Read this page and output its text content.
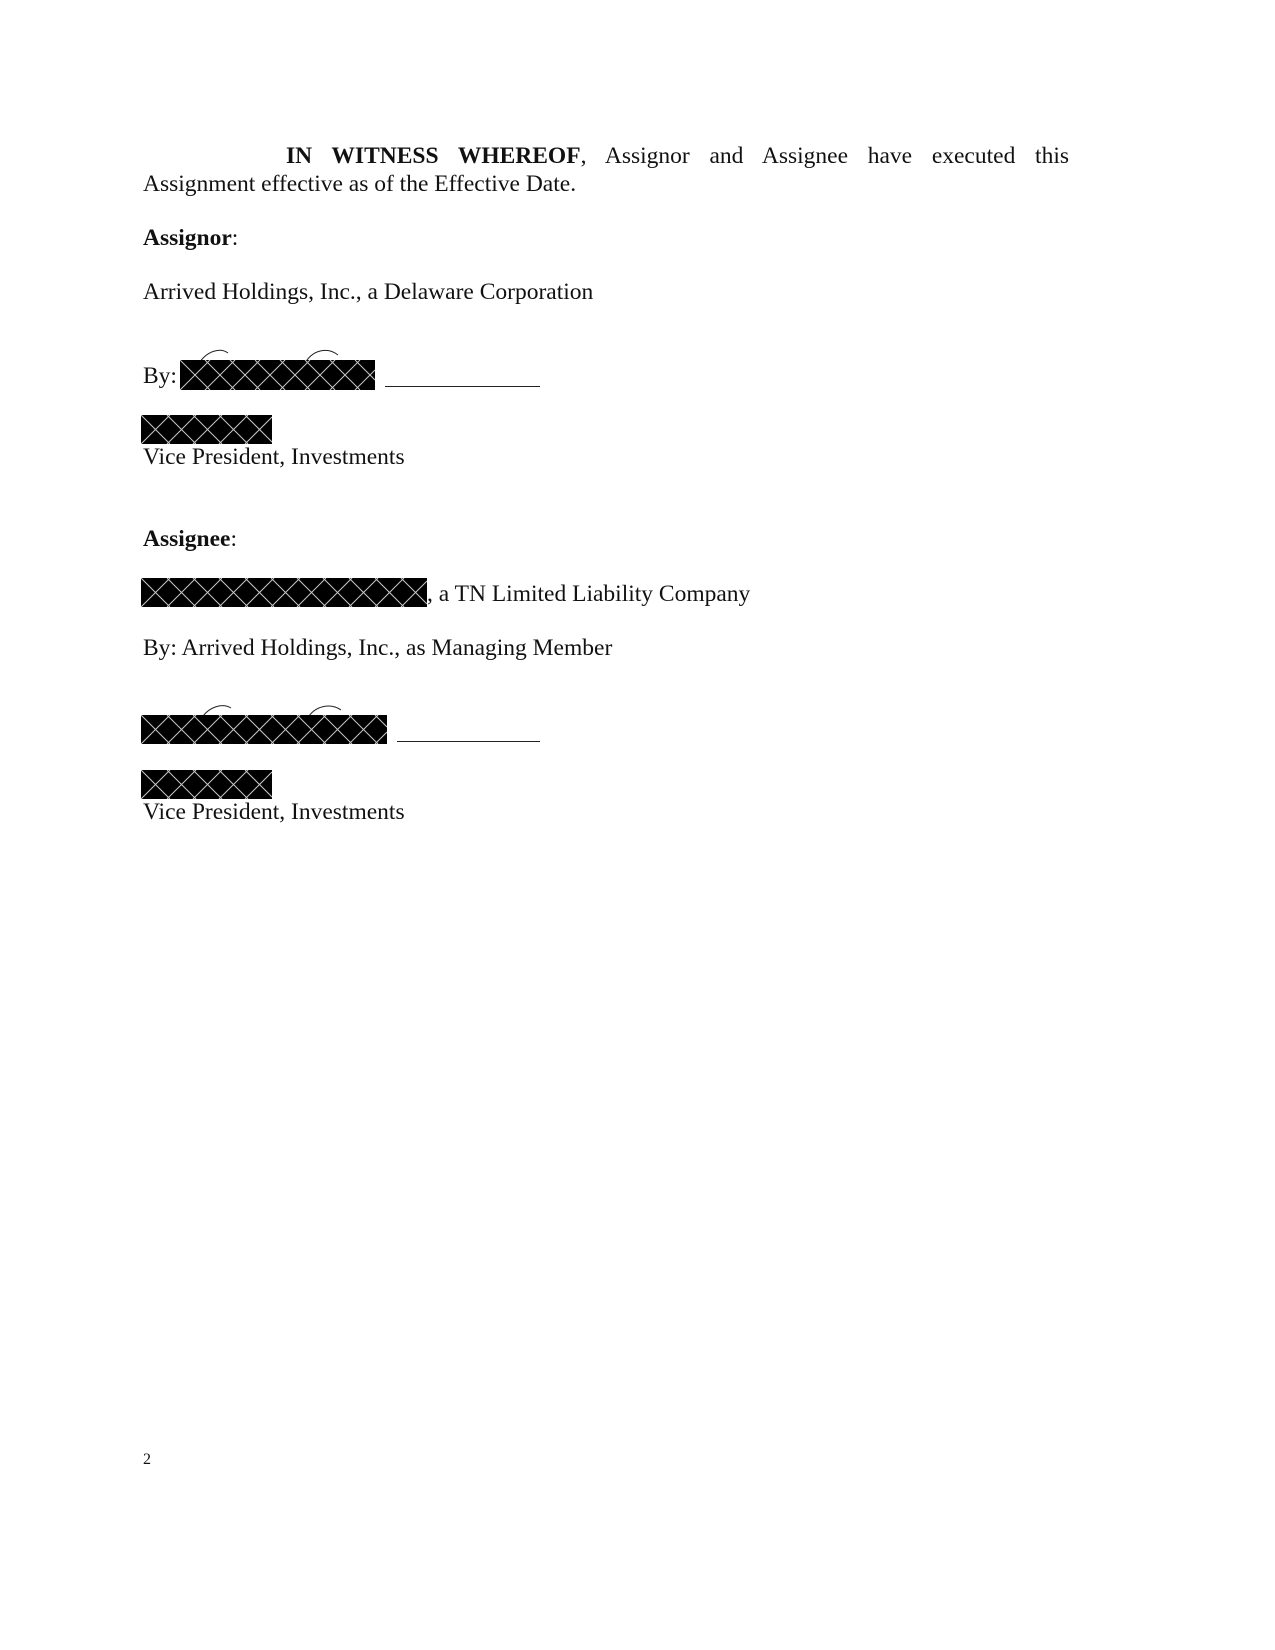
IN WITNESS WHEREOF, Assignor and Assignee have executed this Assignment effective as of the Effective Date.
Assignor:
Arrived Holdings, Inc., a Delaware Corporation
By:
Vice President, Investments
Assignee:
, a TN Limited Liability Company
By: Arrived Holdings, Inc., as Managing Member
Vice President, Investments
2
